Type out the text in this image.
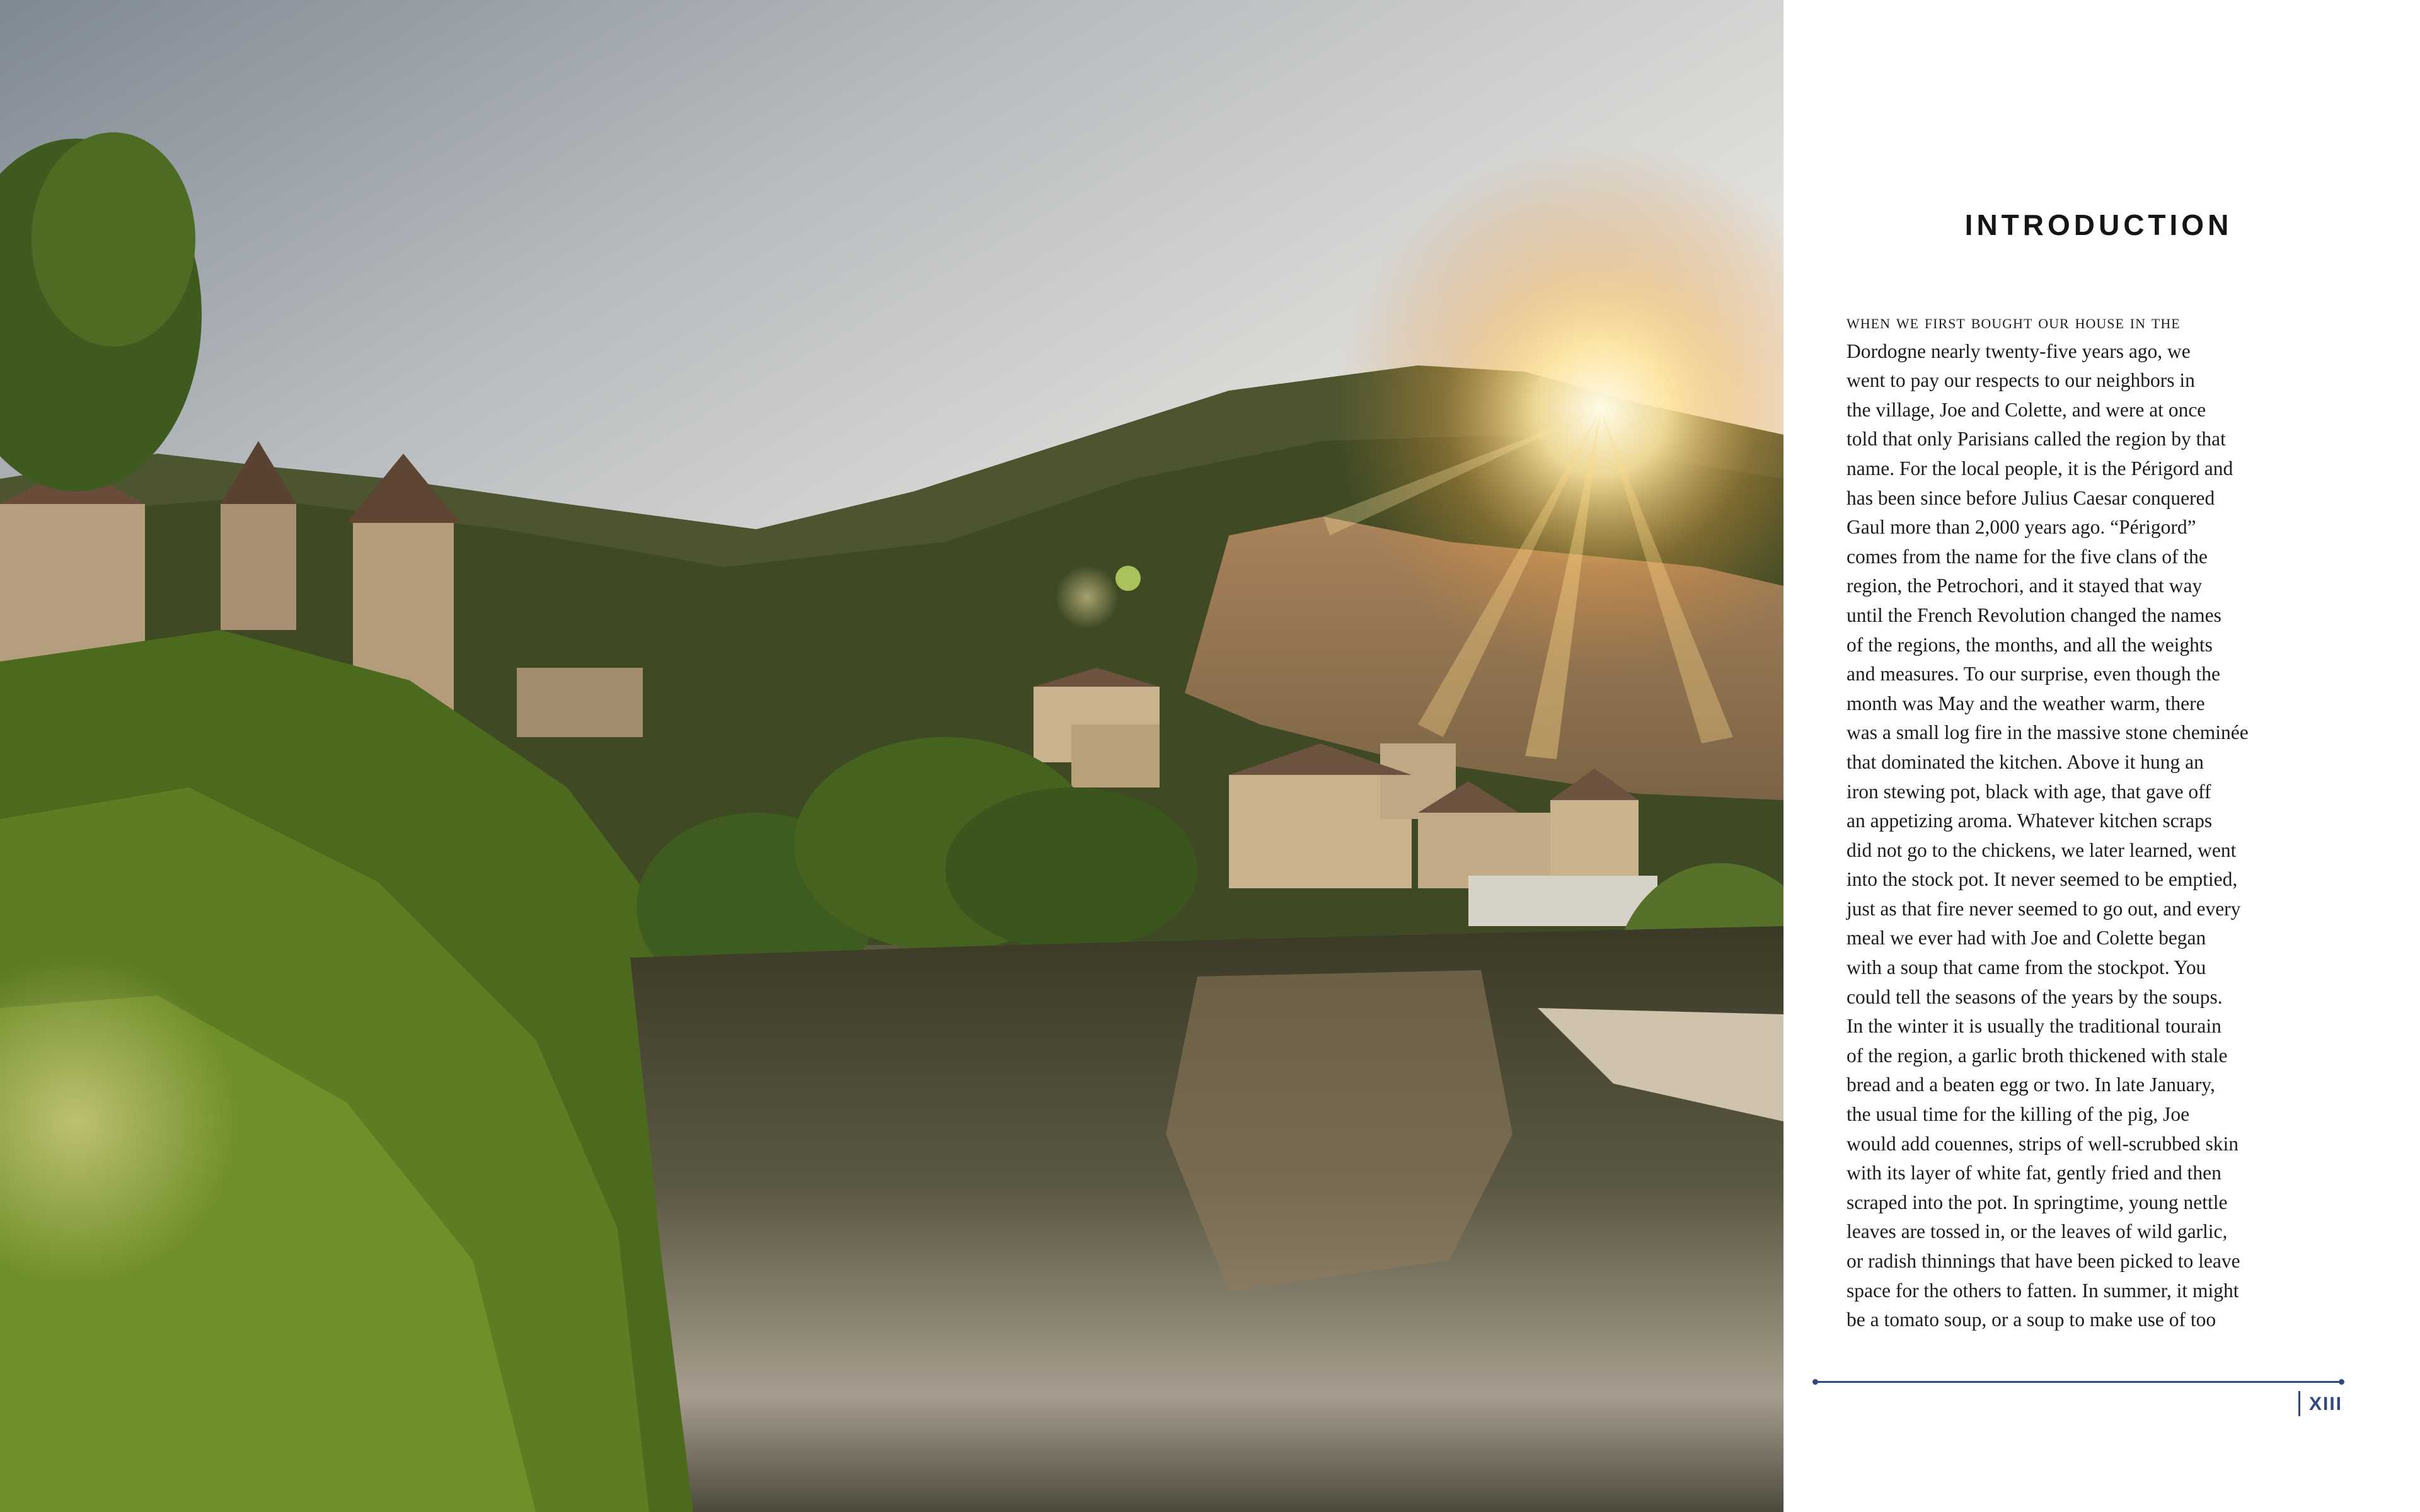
INTRODUCTION
when we first bought our house in the
Dordogne nearly twenty-five years ago, we
went to pay our respects to our neighbors in
the village, Joe and Colette, and were at once
told that only Parisians called the region by that
name. For the local people, it is the Périgord and
has been since before Julius Caesar conquered
Gaul more than 2,000 years ago. “Périgord”
comes from the name for the five clans of the
region, the Petrochori, and it stayed that way
until the French Revolution changed the names
of the regions, the months, and all the weights
and measures. To our surprise, even though the
month was May and the weather warm, there
was a small log fire in the massive stone cheminée
that dominated the kitchen. Above it hung an
iron stewing pot, black with age, that gave off
an appetizing aroma. Whatever kitchen scraps
did not go to the chickens, we later learned, went
into the stock pot. It never seemed to be emptied,
just as that fire never seemed to go out, and every
meal we ever had with Joe and Colette began
with a soup that came from the stockpot. You
could tell the seasons of the years by the soups.
In the winter it is usually the traditional tourain
of the region, a garlic broth thickened with stale
bread and a beaten egg or two. In late January,
the usual time for the killing of the pig, Joe
would add couennes, strips of well-scrubbed skin
with its layer of white fat, gently fried and then
scraped into the pot. In springtime, young nettle
leaves are tossed in, or the leaves of wild garlic,
or radish thinnings that have been picked to leave
space for the others to fatten. In summer, it might
be a tomato soup, or a soup to make use of too
XIII
